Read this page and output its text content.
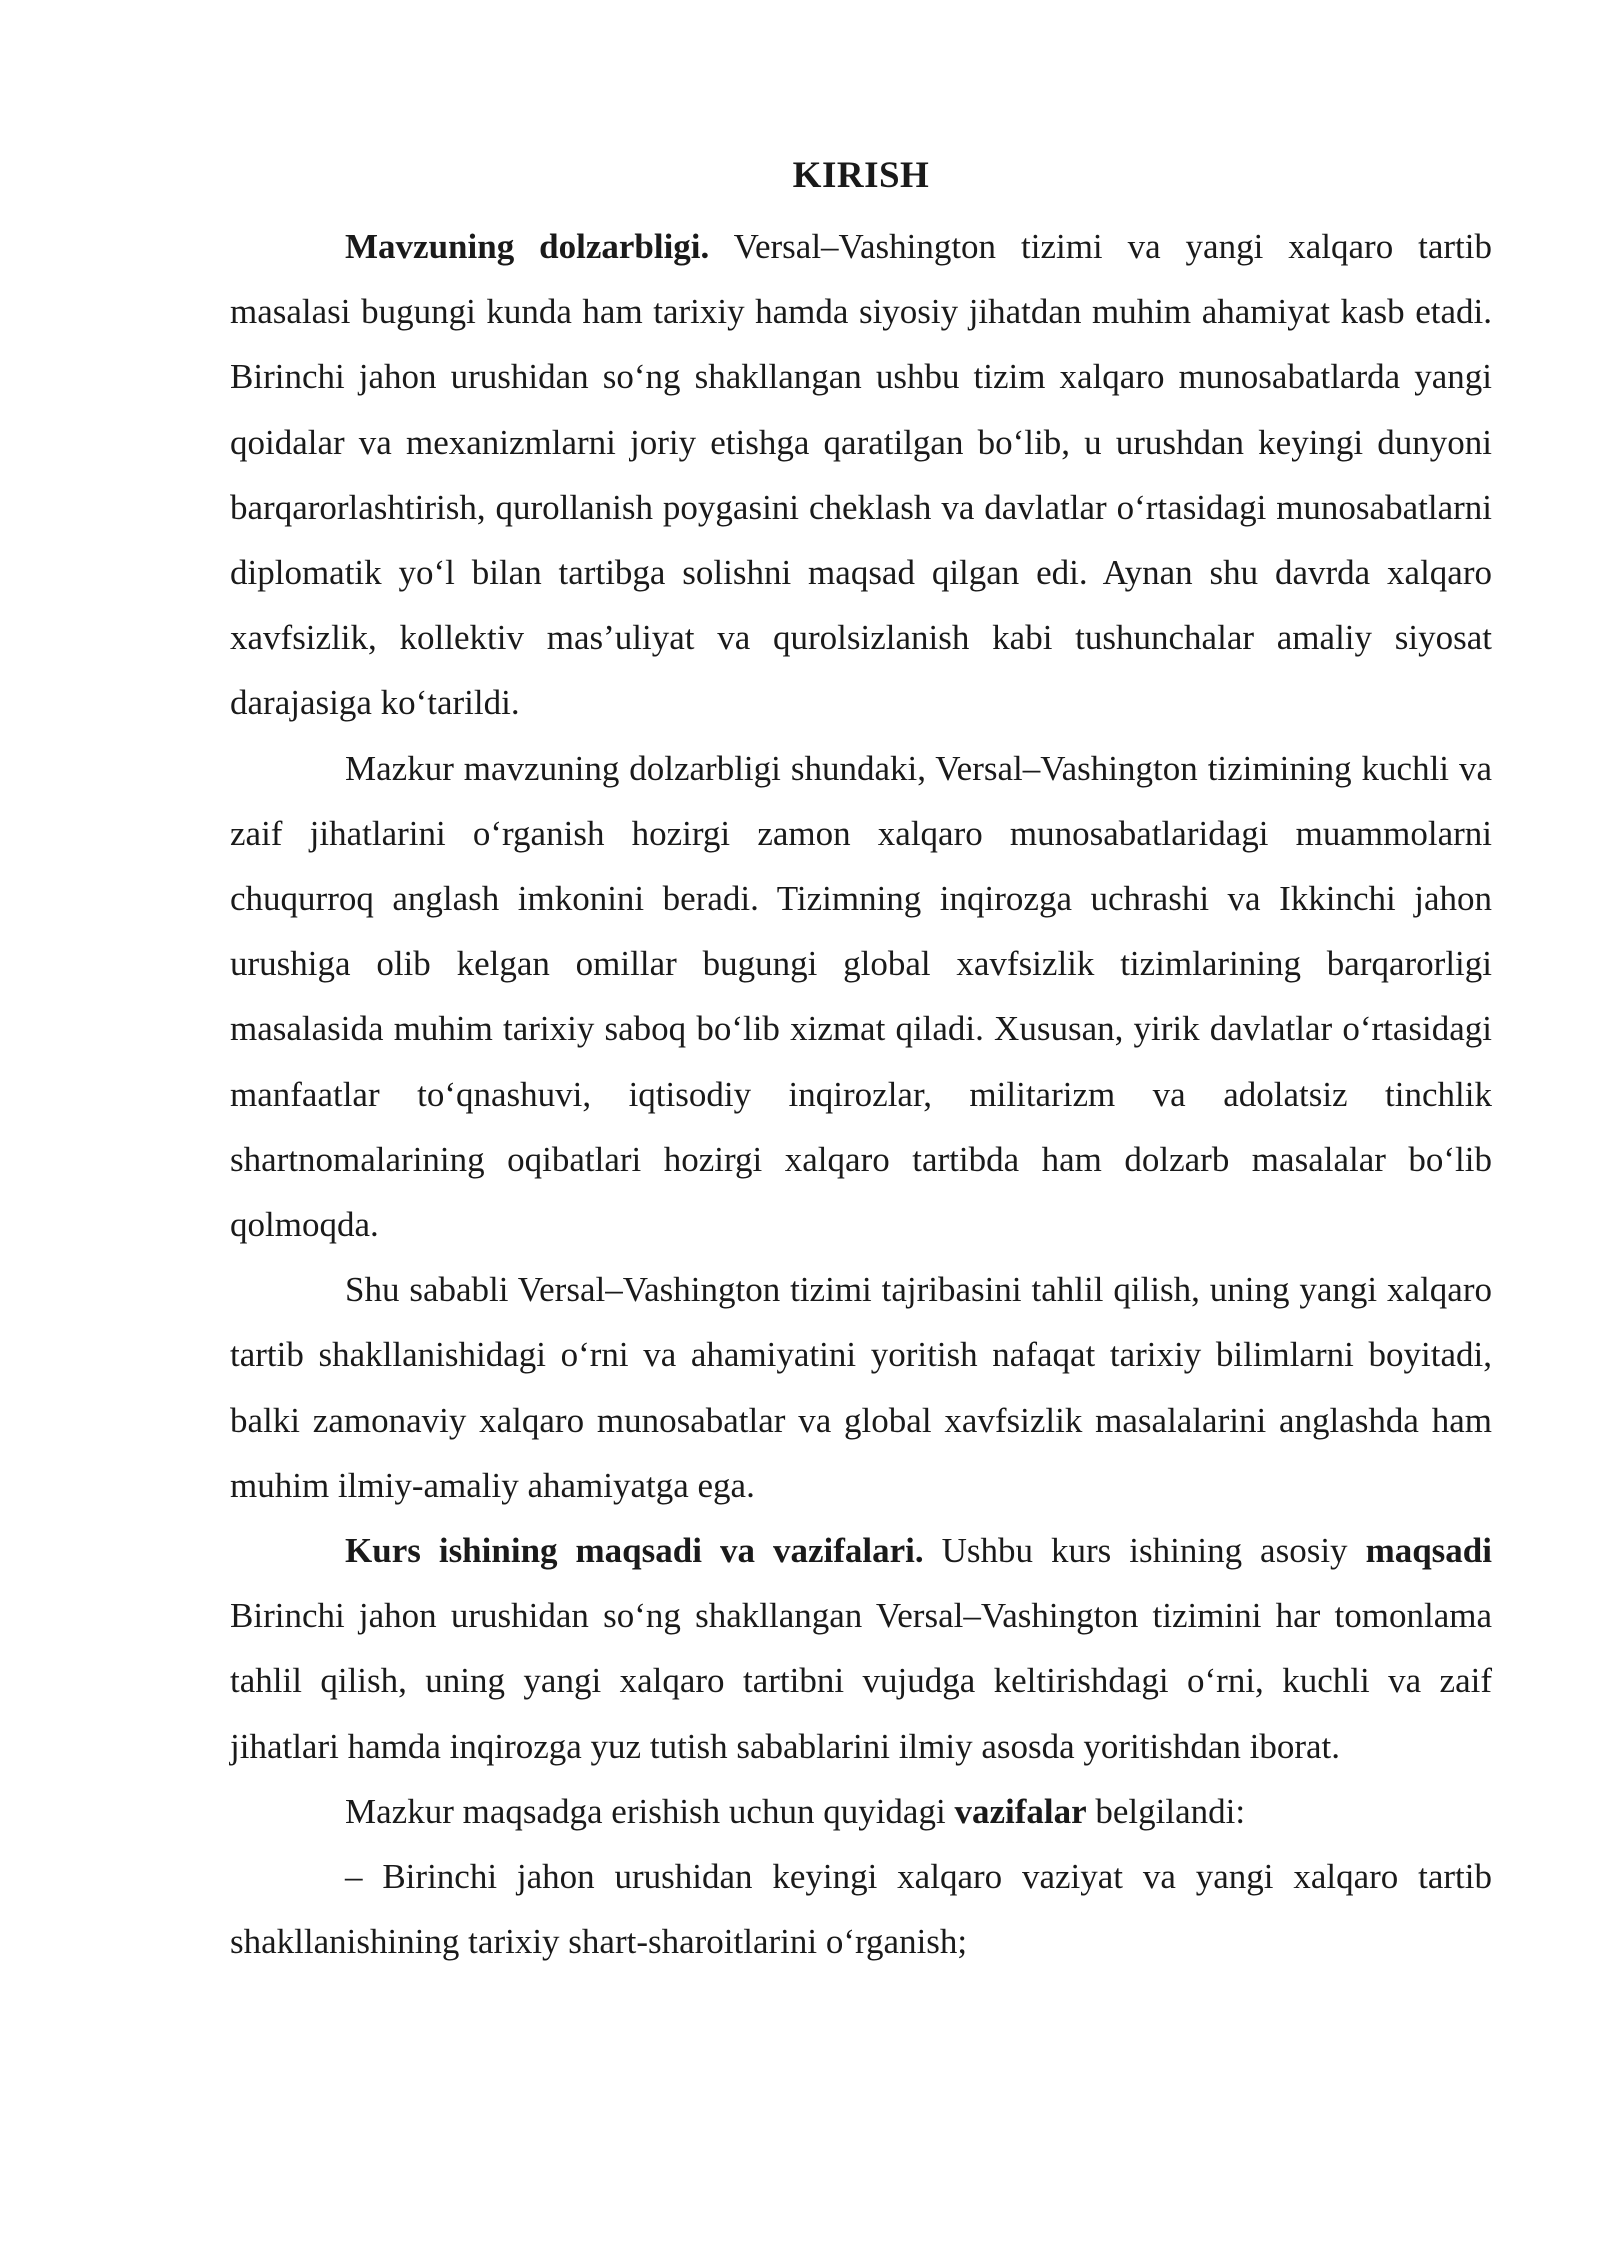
KIRISH

Mavzuning dolzarbligi. Versal–Vashington tizimi va yangi xalqaro tartib masalasi bugungi kunda ham tarixiy hamda siyosiy jihatdan muhim ahamiyat kasb etadi. Birinchi jahon urushidan so‘ng shakllangan ushbu tizim xalqaro munosabatlarda yangi qoidalar va mexanizmlarni joriy etishga qaratilgan bo‘lib, u urushdan keyingi dunyoni barqarorlashtirish, qurollanish poygasini cheklash va davlatlar o‘rtasidagi munosabatlarni diplomatik yo‘l bilan tartibga solishni maqsad qilgan edi. Aynan shu davrda xalqaro xavfsizlik, kollektiv mas’uliyat va qurolsizlanish kabi tushunchalar amaliy siyosat darajasiga ko‘tarildi.

Mazkur mavzuning dolzarbligi shundaki, Versal–Vashington tizimining kuchli va zaif jihatlarini o‘rganish hozirgi zamon xalqaro munosabatlaridagi muammolarni chuqurroq anglash imkonini beradi. Tizimning inqirozga uchrashi va Ikkinchi jahon urushiga olib kelgan omillar bugungi global xavfsizlik tizimlarining barqarorligi masalasida muhim tarixiy saboq bo‘lib xizmat qiladi. Xususan, yirik davlatlar o‘rtasidagi manfaatlar to‘qnashuvi, iqtisodiy inqirozlar, militarizm va adolatsiz tinchlik shartnomalarining oqibatlari hozirgi xalqaro tartibda ham dolzarb masalalar bo‘lib qolmoqda.

Shu sababli Versal–Vashington tizimi tajribasini tahlil qilish, uning yangi xalqaro tartib shakllanishidagi o‘rni va ahamiyatini yoritish nafaqat tarixiy bilimlarni boyitadi, balki zamonaviy xalqaro munosabatlar va global xavfsizlik masalalarini anglashda ham muhim ilmiy-amaliy ahamiyatga ega.

Kurs ishining maqsadi va vazifalari. Ushbu kurs ishining asosiy maqsadi Birinchi jahon urushidan so‘ng shakllangan Versal–Vashington tizimini har tomonlama tahlil qilish, uning yangi xalqaro tartibni vujudga keltirishdagi o‘rni, kuchli va zaif jihatlari hamda inqirozga yuz tutish sabablarini ilmiy asosda yoritishdan iborat.

Mazkur maqsadga erishish uchun quyidagi vazifalar belgilandi:

– Birinchi jahon urushidan keyingi xalqaro vaziyat va yangi xalqaro tartib shakllanishining tarixiy shart-sharoitlarini o‘rganish;
